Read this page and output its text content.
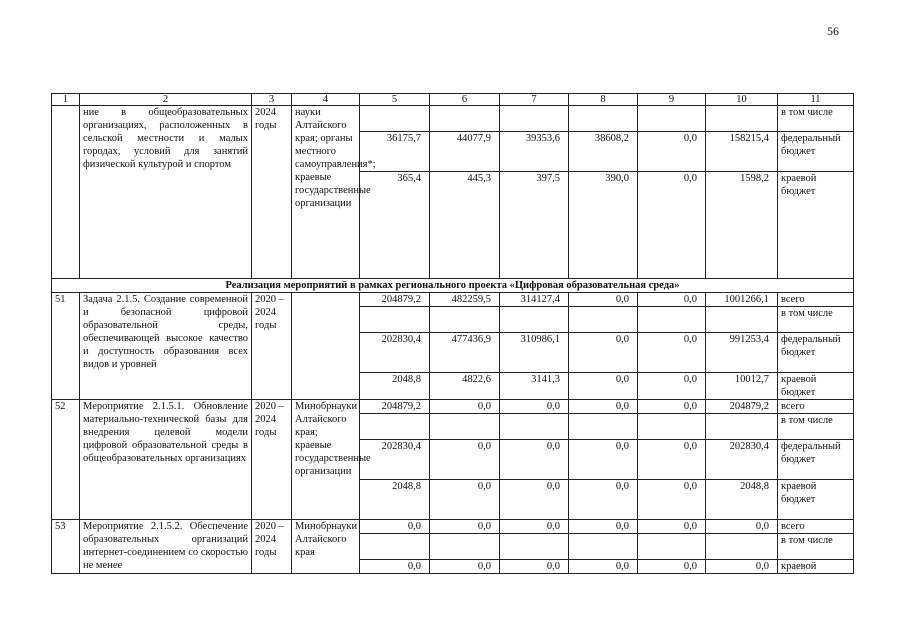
56
1	2	3	4	5	6	7	8	9	10	11
	ние в общеобразовательных организациях, расположенных в сельской местности и малых городах, условий для занятий физической культурой и спортом	2024 годы	науки Алтайского края; органы местного самоуправления*; краевые государственные организации							в том числе
				36175,7	44077,9	39353,6	38608,2	0,0	158215,4	федеральный бюджет
				365,4	445,3	397,5	390,0	0,0	1598,2	краевой бюджет
Реализация мероприятий в рамках регионального проекта «Цифровая образовательная среда»										
51	Задача 2.1.5. Создание современной и безопасной цифровой образовательной среды, обеспечивающей высокое качество и доступность образования всех видов и уровней	2020 – 2024 годы		204879,2	482259,5	314127,4	0,0	0,0	1001266,1	всего
										в том числе
				202830,4	477436,9	310986,1	0,0	0,0	991253,4	федеральный бюджет
				2048,8	4822,6	3141,3	0,0	0,0	10012,7	краевой бюджет
52	Мероприятие 2.1.5.1. Обновление материально-технической базы для внедрения целевой модели цифровой образовательной среды в общеобразовательных организациях	2020 – 2024 годы	Минобрнауки Алтайского края; краевые государственные организации	204879,2	0,0	0,0	0,0	0,0	204879,2	всего
										в том числе
				202830,4	0,0	0,0	0,0	0,0	202830,4	федеральный бюджет
				2048,8	0,0	0,0	0,0	0,0	2048,8	краевой бюджет
53	Мероприятие 2.1.5.2. Обеспечение образовательных организаций интернет-соединением со скоростью не менее	2020 – 2024 годы	Минобрнауки Алтайского края	0,0	0,0	0,0	0,0	0,0	0,0	всего
										в том числе
				0,0	0,0	0,0	0,0	0,0	0,0	краевой
